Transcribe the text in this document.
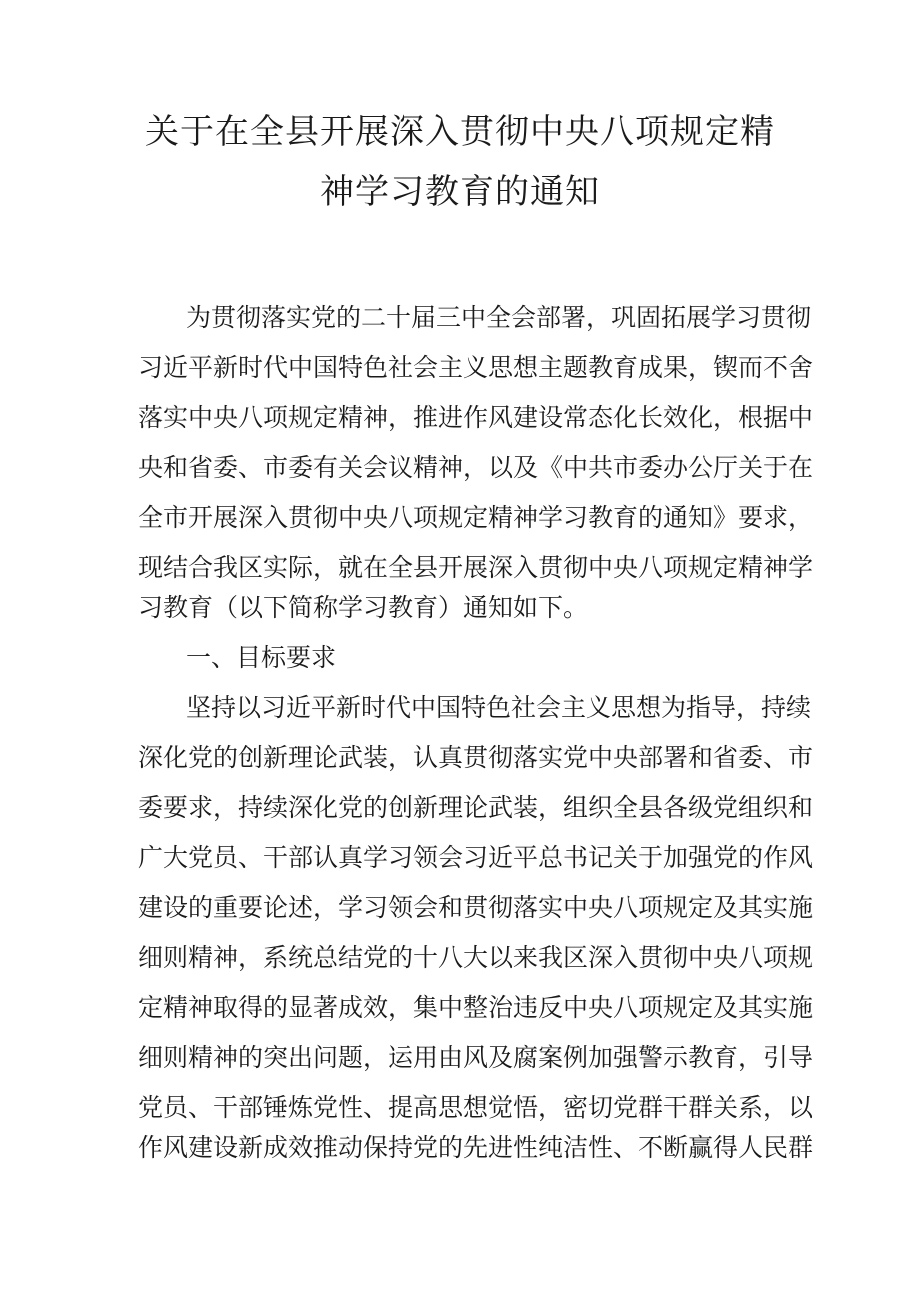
关于在全县开展深入贯彻中央八项规定精
神学习教育的通知
为贯彻落实党的二十届三中全会部署，巩固拓展学习贯彻
习近平新时代中国特色社会主义思想主题教育成果，锲而不舍
落实中央八项规定精神，推进作风建设常态化长效化，根据中
央和省委、市委有关会议精神，以及《中共市委办公厅关于在
全市开展深入贯彻中央八项规定精神学习教育的通知》要求，
现结合我区实际，就在全县开展深入贯彻中央八项规定精神学
习教育（以下简称学习教育）通知如下。
一、目标要求
坚持以习近平新时代中国特色社会主义思想为指导，持续
深化党的创新理论武装，认真贯彻落实党中央部署和省委、市
委要求，持续深化党的创新理论武装，组织全县各级党组织和
广大党员、干部认真学习领会习近平总书记关于加强党的作风
建设的重要论述，学习领会和贯彻落实中央八项规定及其实施
细则精神，系统总结党的十八大以来我区深入贯彻中央八项规
定精神取得的显著成效，集中整治违反中央八项规定及其实施
细则精神的突出问题，运用由风及腐案例加强警示教育，引导
党员、干部锤炼党性、提高思想觉悟，密切党群干群关系，以
作风建设新成效推动保持党的先进性纯洁性、不断赢得人民群
